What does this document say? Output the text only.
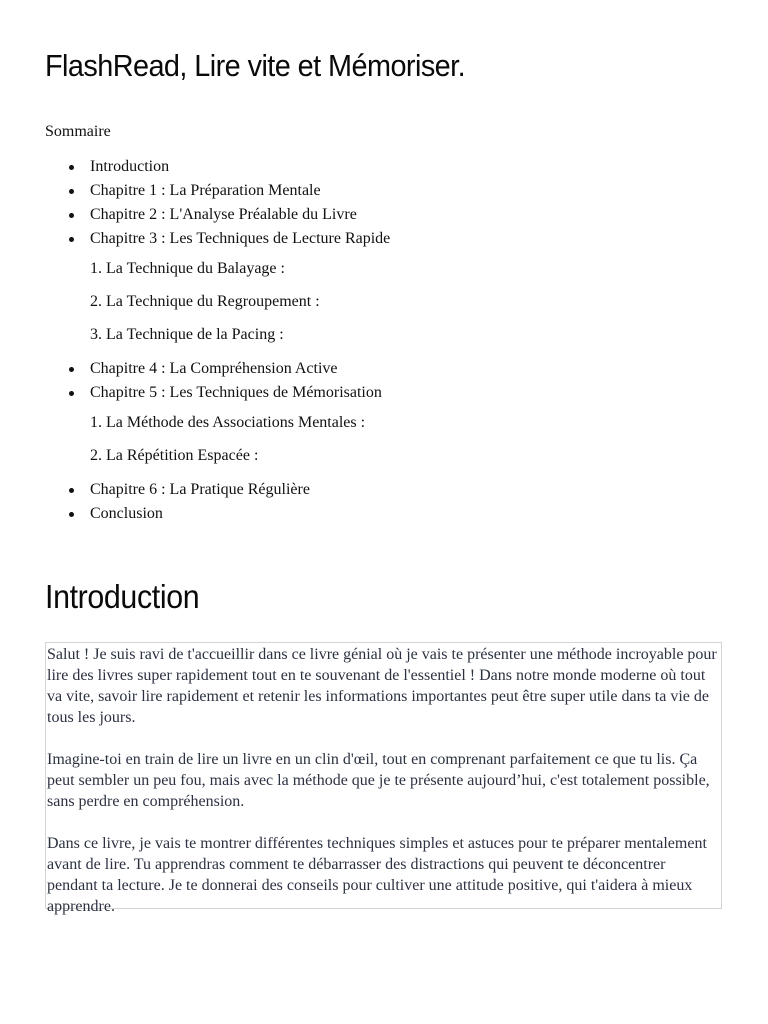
FlashRead, Lire vite et Mémoriser.
Sommaire
Introduction
Chapitre 1 : La Préparation Mentale
Chapitre 2 : L'Analyse Préalable du Livre
Chapitre 3 : Les Techniques de Lecture Rapide
1. La Technique du Balayage :
2. La Technique du Regroupement :
3. La Technique de la Pacing :
Chapitre 4 : La Compréhension Active
Chapitre 5 : Les Techniques de Mémorisation
1. La Méthode des Associations Mentales :
2. La Répétition Espacée :
Chapitre 6 : La Pratique Régulière
Conclusion
Introduction

Salut ! Je suis ravi de t'accueillir dans ce livre génial où je vais te présenter une méthode incroyable pour lire des livres super rapidement tout en te souvenant de l'essentiel ! Dans notre monde moderne où tout va vite, savoir lire rapidement et retenir les informations importantes peut être super utile dans ta vie de tous les jours.

Imagine-toi en train de lire un livre en un clin d'œil, tout en comprenant parfaitement ce que tu lis. Ça peut sembler un peu fou, mais avec la méthode que je te présente aujourd’hui, c'est totalement possible, sans perdre en compréhension.

Dans ce livre, je vais te montrer différentes techniques simples et astuces pour te préparer mentalement avant de lire. Tu apprendras comment te débarrasser des distractions qui peuvent te déconcentrer pendant ta lecture. Je te donnerai des conseils pour cultiver une attitude positive, qui t'aidera à mieux apprendre.
